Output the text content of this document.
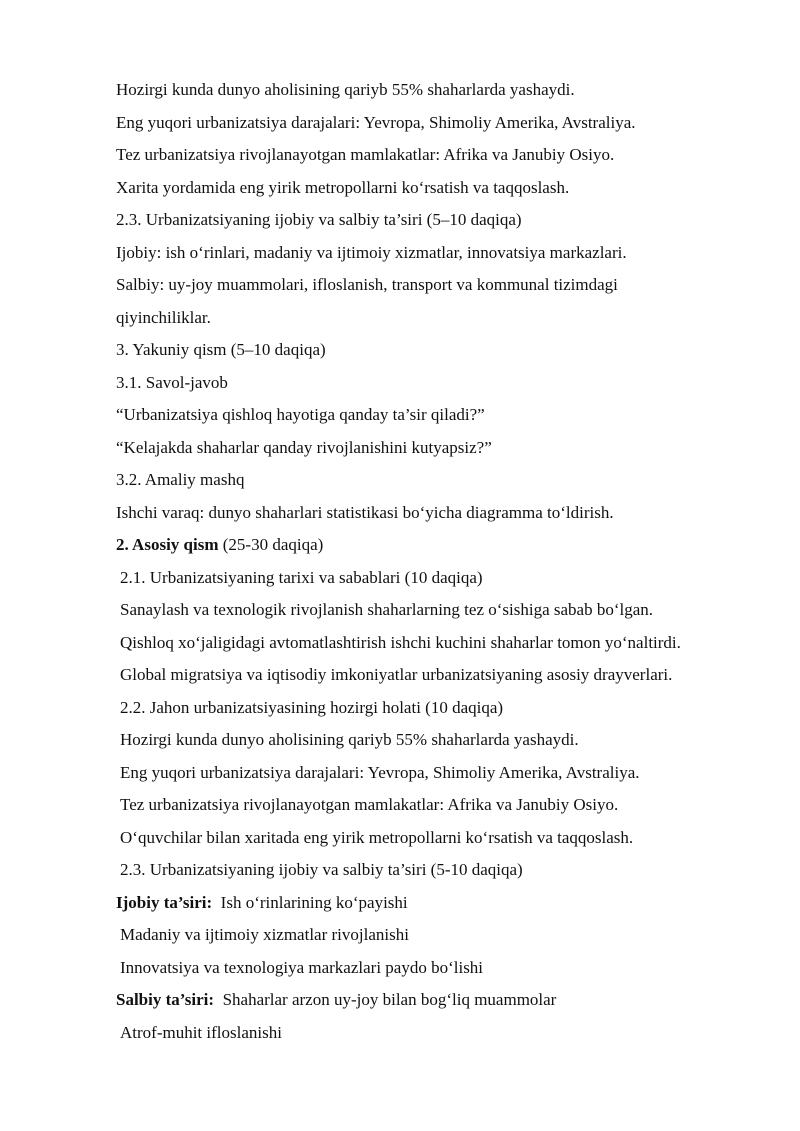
Hozirgi kunda dunyo aholisining qariyb 55% shaharlarda yashaydi.
Eng yuqori urbanizatsiya darajalari: Yevropa, Shimoliy Amerika, Avstraliya.
Tez urbanizatsiya rivojlanayotgan mamlakatlar: Afrika va Janubiy Osiyo.
Xarita yordamida eng yirik metropollarni ko‘rsatish va taqqoslash.
2.3. Urbanizatsiyaning ijobiy va salbiy ta’siri (5–10 daqiqa)
Ijobiy: ish o‘rinlari, madaniy va ijtimoiy xizmatlar, innovatsiya markazlari.
Salbiy: uy-joy muammolari, ifloslanish, transport va kommunal tizimdagi
qiyinchiliklar.
3. Yakuniy qism (5–10 daqiqa)
3.1. Savol-javob
“Urbanizatsiya qishloq hayotiga qanday ta’sir qiladi?”
“Kelajakda shaharlar qanday rivojlanishini kutyapsiz?”
3.2. Amaliy mashq
Ishchi varaq: dunyo shaharlari statistikasi bo‘yicha diagramma to‘ldirish.
2. Asosiy qism (25-30 daqiqa)
2.1. Urbanizatsiyaning tarixi va sabablari (10 daqiqa)
Sanaylash va texnologik rivojlanish shaharlarning tez o‘sishiga sabab bo‘lgan.
Qishloq xo‘jaligidagi avtomatlashtirish ishchi kuchini shaharlar tomon yo‘naltirdi.
Global migratsiya va iqtisodiy imkoniyatlar urbanizatsiyaning asosiy drayverlari.
2.2. Jahon urbanizatsiyasining hozirgi holati (10 daqiqa)
Hozirgi kunda dunyo aholisining qariyb 55% shaharlarda yashaydi.
Eng yuqori urbanizatsiya darajalari: Yevropa, Shimoliy Amerika, Avstraliya.
Tez urbanizatsiya rivojlanayotgan mamlakatlar: Afrika va Janubiy Osiyo.
O‘quvchilar bilan xaritada eng yirik metropollarni ko‘rsatish va taqqoslash.
2.3. Urbanizatsiyaning ijobiy va salbiy ta’siri (5-10 daqiqa)
Ijobiy ta’siri:  Ish o‘rinlarining ko‘payishi
Madaniy va ijtimoiy xizmatlar rivojlanishi
Innovatsiya va texnologiya markazlari paydo bo‘lishi
Salbiy ta’siri:  Shaharlar arzon uy-joy bilan bog‘liq muammolar
Atrof-muhit ifloslanishi
